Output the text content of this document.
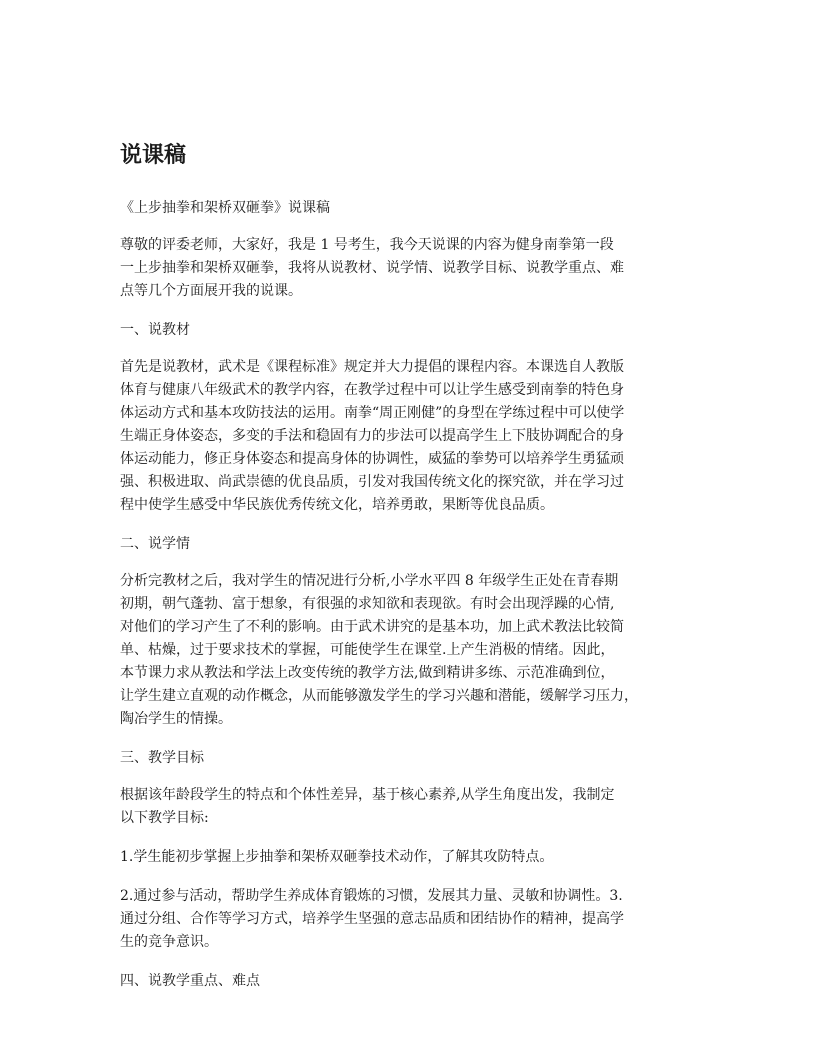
说课稿
《上步抽拳和架桥双砸拳》说课稿
尊敬的评委老师，大家好，我是 1 号考生，我今天说课的内容为健身南拳第一段
一上步抽拳和架桥双砸拳，我将从说教材、说学情、说教学目标、说教学重点、难
点等几个方面展开我的说课。
一、说教材
首先是说教材，武术是《课程标准》规定并大力提倡的课程内容。本课选自人教版
体育与健康八年级武术的教学内容，在教学过程中可以让学生感受到南拳的特色身
体运动方式和基本攻防技法的运用。南拳“周正刚健”的身型在学练过程中可以使学
生端正身体姿态，多变的手法和稳固有力的步法可以提高学生上下肢协调配合的身
体运动能力，修正身体姿态和提高身体的协调性，威猛的拳势可以培养学生勇猛顽
强、积极进取、尚武崇德的优良品质，引发对我国传统文化的探究欲，并在学习过
程中使学生感受中华民族优秀传统文化，培养勇敢，果断等优良品质。
二、说学情
分析完教材之后，我对学生的情况进行分析,小学水平四 8 年级学生正处在青春期
初期，朝气蓬勃、富于想象，有很强的求知欲和表现欲。有时会出现浮躁的心情,
对他们的学习产生了不利的影响。由于武术讲究的是基本功，加上武术教法比较简
单、枯燥，过于要求技术的掌握，可能使学生在课堂.上产生消极的情绪。因此，
本节课力求从教法和学法上改变传统的教学方法,做到精讲多练、示范准确到位，
让学生建立直观的动作概念，从而能够激发学生的学习兴趣和潜能，缓解学习压力，
陶冶学生的情操。
三、教学目标
根据该年龄段学生的特点和个体性差异，基于核心素养,从学生角度出发，我制定
以下教学目标:
1.学生能初步掌握上步抽拳和架桥双砸拳技术动作，了解其攻防特点。
2.通过参与活动，帮助学生养成体育锻炼的习惯，发展其力量、灵敏和协调性。3.
通过分组、合作等学习方式，培养学生坚强的意志品质和团结协作的精神，提高学
生的竞争意识。
四、说教学重点、难点
